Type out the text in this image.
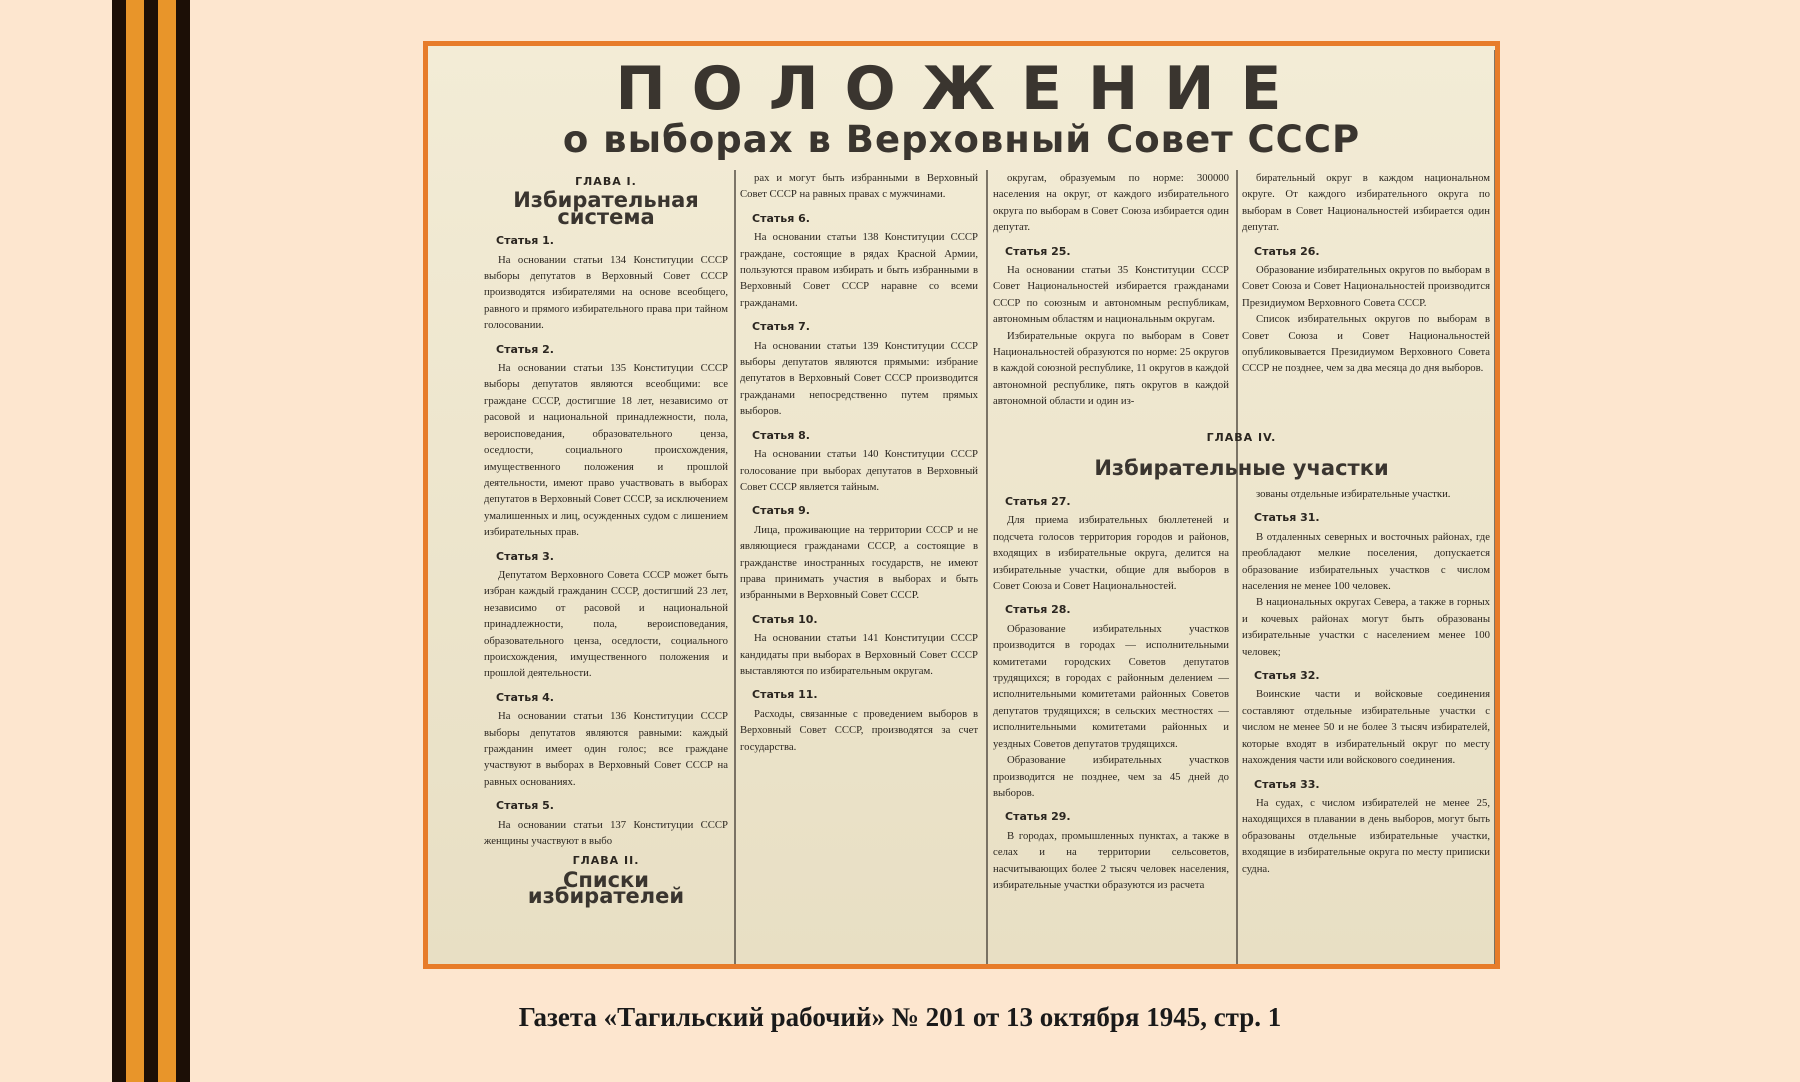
ПОЛОЖЕНИЕ
о выборах в Верховный Совет СССР
ГЛАВА I.
Избирательная система
Статья 1.
На основании статьи 134 Конституции СССР выборы депутатов в Верховный Совет СССР производятся избирателями на основе всеобщего, равного и прямого избирательного права при тайном голосовании.
Статья 2.
На основании статьи 135 Конституции СССР выборы депутатов являются всеобщими: все граждане СССР, достигшие 18 лет, независимо от расовой и национальной принадлежности, пола, вероисповедания, образовательного ценза, оседлости, социального происхождения, имущественного положения и прошлой деятельности, имеют право участвовать в выборах депутатов в Верховный Совет СССР, за исключением умалишенных и лиц, осужденных судом с лишением избирательных прав.
Статья 3.
Депутатом Верховного Совета СССР может быть избран каждый гражданин СССР, достигший 23 лет, независимо от расовой и национальной принадлежности, пола, вероисповедания, образовательного ценза, оседлости, социального происхождения, имущественного положения и прошлой деятельности.
Статья 4.
На основании статьи 136 Конституции СССР выборы депутатов являются равными: каждый гражданин имеет один голос; все граждане участвуют в выборах в Верховный Совет СССР на равных основаниях.
Статья 5.
На основании статьи 137 Конституции СССР женщины участвуют в выбо
ГЛАВА II.
Списки избирателей
рах и могут быть избранными в Верховный Совет СССР на равных правах с мужчинами.
Статья 6.
На основании статьи 138 Конституции СССР граждане, состоящие в рядах Красной Армии, пользуются правом избирать и быть избранными в Верховный Совет СССР наравне со всеми гражданами.
Статья 7.
На основании статьи 139 Конституции СССР выборы депутатов являются прямыми: избрание депутатов в Верховный Совет СССР производится гражданами непосредственно путем прямых выборов.
Статья 8.
На основании статьи 140 Конституции СССР голосование при выборах депутатов в Верховный Совет СССР является тайным.
Статья 9.
Лица, проживающие на территории СССР и не являющиеся гражданами СССР, а состоящие в гражданстве иностранных государств, не имеют права принимать участия в выборах и быть избранными в Верховный Совет СССР.
Статья 10.
На основании статьи 141 Конституции СССР кандидаты при выборах в Верховный Совет СССР выставляются по избирательным округам.
Статья 11.
Расходы, связанные с проведением выборов в Верховный Совет СССР, производятся за счет государства.
округам, образуемым по норме: 300000 населения на округ, от каждого избирательного округа по выборам в Совет Союза избирается один депутат.
Статья 25.
На основании статьи 35 Конституции СССР Совет Национальностей избирается гражданами СССР по союзным и автономным республикам, автономным областям и национальным округам.
Избирательные округа по выборам в Совет Национальностей образуются по норме: 25 округов в каждой союзной республике, 11 округов в каждой автономной республике, пять округов в каждой автономной области и один из-
бирательный округ в каждом национальном округе. От каждого избирательного округа по выборам в Совет Национальностей избирается один депутат.
Статья 26.
Образование избирательных округов по выборам в Совет Союза и Совет Национальностей производится Президиумом Верховного Совета СССР.
Список избирательных округов по выборам в Совет Союза и Совет Национальностей опубликовывается Президиумом Верховного Совета СССР не позднее, чем за два месяца до дня выборов.
ГЛАВА IV.
Избирательные участки
Статья 27.
Для приема избирательных бюллетеней и подсчета голосов территория городов и районов, входящих в избирательные округа, делится на избирательные участки, общие для выборов в Совет Союза и Совет Национальностей.
Статья 28.
Образование избирательных участков производится в городах — исполнительными комитетами городских Советов депутатов трудящихся; в городах с районным делением — исполнительными комитетами районных Советов депутатов трудящихся; в сельских местностях — исполнительными комитетами районных и уездных Советов депутатов трудящихся.
Образование избирательных участков производится не позднее, чем за 45 дней до выборов.
Статья 29.
В городах, промышленных пунктах, а также в селах и на территории сельсоветов, насчитывающих более 2 тысяч человек населения, избирательные участки образуются из расчета
зованы отдельные избирательные участки.
Статья 31.
В отдаленных северных и восточных районах, где преобладают мелкие поселения, допускается образование избирательных участков с числом населения не менее 100 человек.
В национальных округах Севера, а также в горных и кочевых районах могут быть образованы избирательные участки с населением менее 100 человек;
Статья 32.
Воинские части и войсковые соединения составляют отдельные избирательные участки с числом не менее 50 и не более 3 тысяч избирателей, которые входят в избирательный округ по месту нахождения части или войскового соединения.
Статья 33.
На судах, с числом избирателей не менее 25, находящихся в плавании в день выборов, могут быть образованы отдельные избирательные участки, входящие в избирательные округа по месту приписки судна.
Газета «Тагильский рабочий» № 201 от 13 октября 1945, стр. 1
